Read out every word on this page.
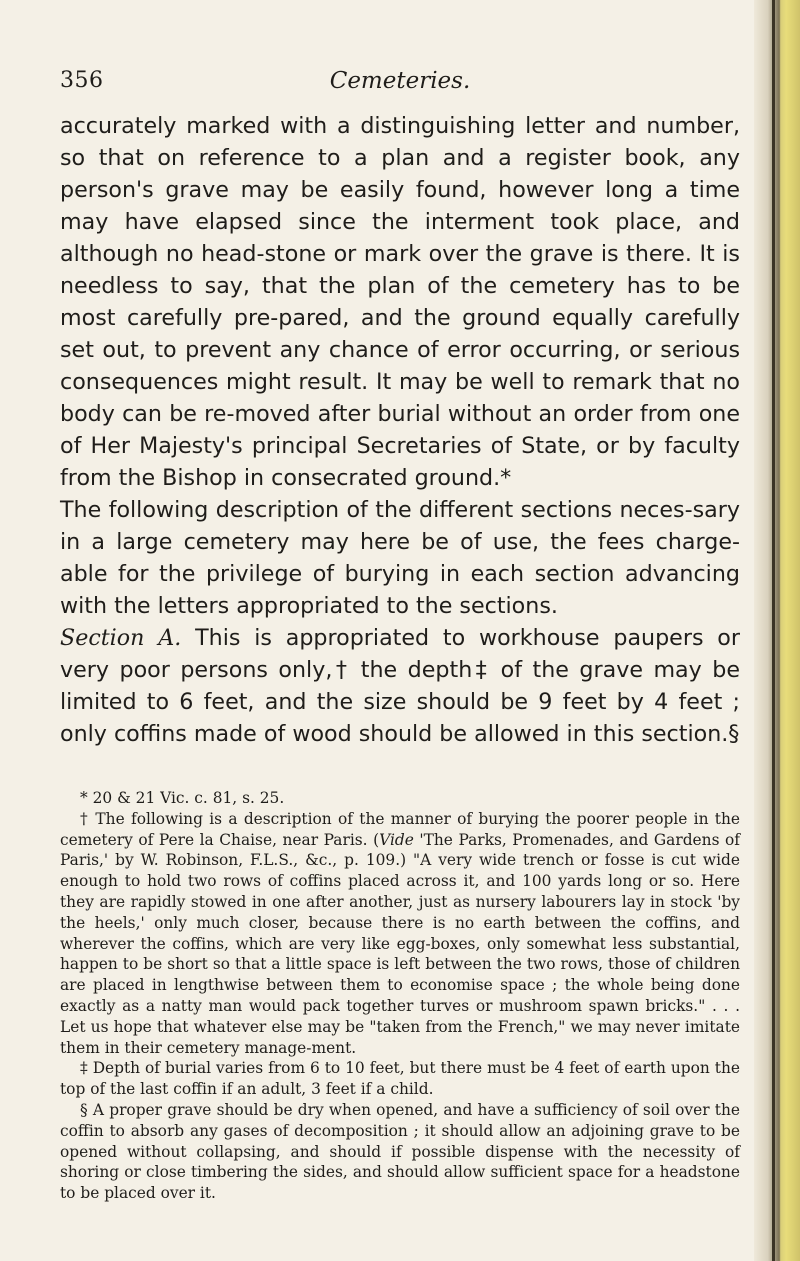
356	Cemeteries.

accurately marked with a distinguishing letter and number, so that on reference to a plan and a register book, any person's grave may be easily found, however long a time may have elapsed since the interment took place, and although no head-stone or mark over the grave is there. It is needless to say, that the plan of the cemetery has to be most carefully pre-pared, and the ground equally carefully set out, to prevent any chance of error occurring, or serious consequences might result. It may be well to remark that no body can be re-moved after burial without an order from one of Her Majesty's principal Secretaries of State, or by faculty from the Bishop in consecrated ground.*

The following description of the different sections neces-sary in a large cemetery may here be of use, the fees charge-able for the privilege of burying in each section advancing with the letters appropriated to the sections.

Section A. This is appropriated to workhouse paupers or very poor persons only,† the depth‡ of the grave may be limited to 6 feet, and the size should be 9 feet by 4 feet ; only coffins made of wood should be allowed in this section.§

* 20 & 21 Vic. c. 81, s. 25.

† The following is a description of the manner of burying the poorer people in the cemetery of Pere la Chaise, near Paris. (Vide 'The Parks, Promenades, and Gardens of Paris,' by W. Robinson, F.L.S., &c., p. 109.) "A very wide trench or fosse is cut wide enough to hold two rows of coffins placed across it, and 100 yards long or so. Here they are rapidly stowed in one after another, just as nursery labourers lay in stock 'by the heels,' only much closer, because there is no earth between the coffins, and wherever the coffins, which are very like egg-boxes, only somewhat less substantial, happen to be short so that a little space is left between the two rows, those of children are placed in lengthwise between them to economise space ; the whole being done exactly as a natty man would pack together turves or mushroom spawn bricks." . . . Let us hope that whatever else may be "taken from the French," we may never imitate them in their cemetery manage-ment.

‡ Depth of burial varies from 6 to 10 feet, but there must be 4 feet of earth upon the top of the last coffin if an adult, 3 feet if a child.

§ A proper grave should be dry when opened, and have a sufficiency of soil over the coffin to absorb any gases of decomposition ; it should allow an adjoining grave to be opened without collapsing, and should if possible dispense with the necessity of shoring or close timbering the sides, and should allow sufficient space for a headstone to be placed over it.
